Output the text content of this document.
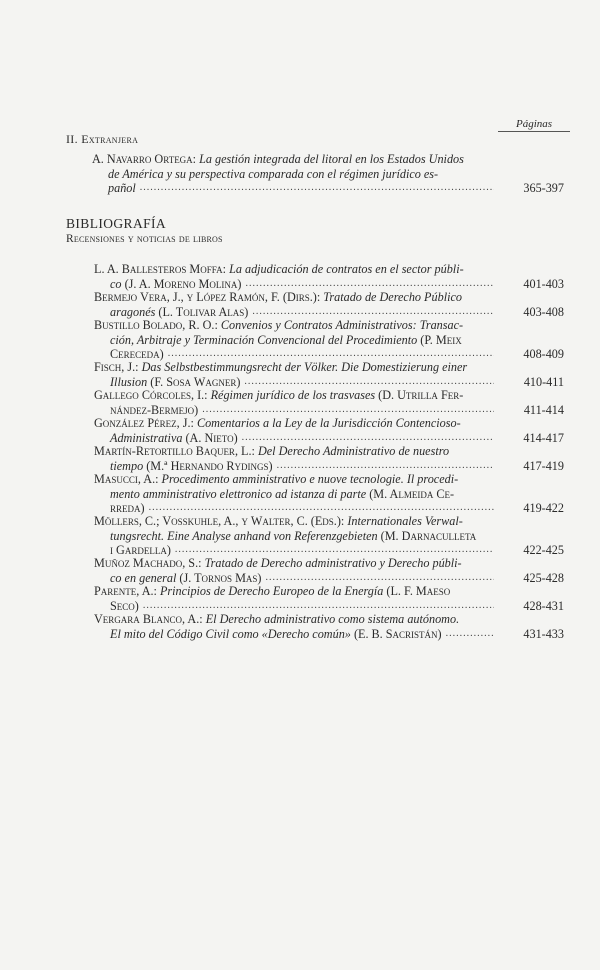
Páginas
II. Extranjera
A. Navarro Ortega:
La gestión integrada del litoral en los Estados Unidos
de América y su perspectiva comparada con el régimen jurídico es-
pañol .....	365-397
BIBLIOGRAFÍA
Recensiones y noticias de libros
L. A. Ballesteros Moffa:
La adjudicación de contratos en el sector públi-
co
(J. A. Moreno Molina) .....	401-403
Bermejo Vera, J., y López Ramón, F. (Dirs.):
Tratado de Derecho Público
aragonés
(L. Tolivar Alas) .....	403-408
Bustillo Bolado, R. O.:
Convenios y Contratos Administrativos: Transac-
ción, Arbitraje y Terminación Convencional del Procedimiento
(P. Meix
Cereceda) .....	408-409
Fisch, J.:
Das Selbstbestimmungsrecht der Völker. Die Domestizierung einer
Illusion
(F. Sosa Wagner) .....	410-411
Gallego Córcoles, I.:
Régimen jurídico de los trasvases
(D. Utrilla Fer-
nández-Bermejo) .....	411-414
González Pérez, J.:
Comentarios a la Ley de la Jurisdicción Contencioso-
Administrativa
(A. Nieto) .....	414-417
Martín-Retortillo Baquer, L.:
Del Derecho Administrativo de nuestro
tiempo
(M.ª Hernando Rydings) .....	417-419
Masucci, A.:
Procedimento amministrativo e nuove tecnologie. Il procedi-
mento amministrativo elettronico ad istanza di parte
(M. Almeida Ce-
rreda) .....	419-422
Möllers, C.; Vosskuhle, A., y Walter, C. (Eds.):
Internationales Verwal-
tungsrecht. Eine Analyse anhand von Referenzgebieten
(M. Darnaculleta
i Gardella) .....	422-425
Muñoz Machado, S.:
Tratado de Derecho administrativo y Derecho públi-
co en general
(J. Tornos Mas) .....	425-428
Parente, A.:
Principios de Derecho Europeo de la Energía
(L. F. Maeso
Seco) .....	428-431
Vergara Blanco, A.:
El Derecho administrativo como sistema autónomo.
El mito del Código Civil como «Derecho común»
(E. B. Sacristán) .....	431-433
